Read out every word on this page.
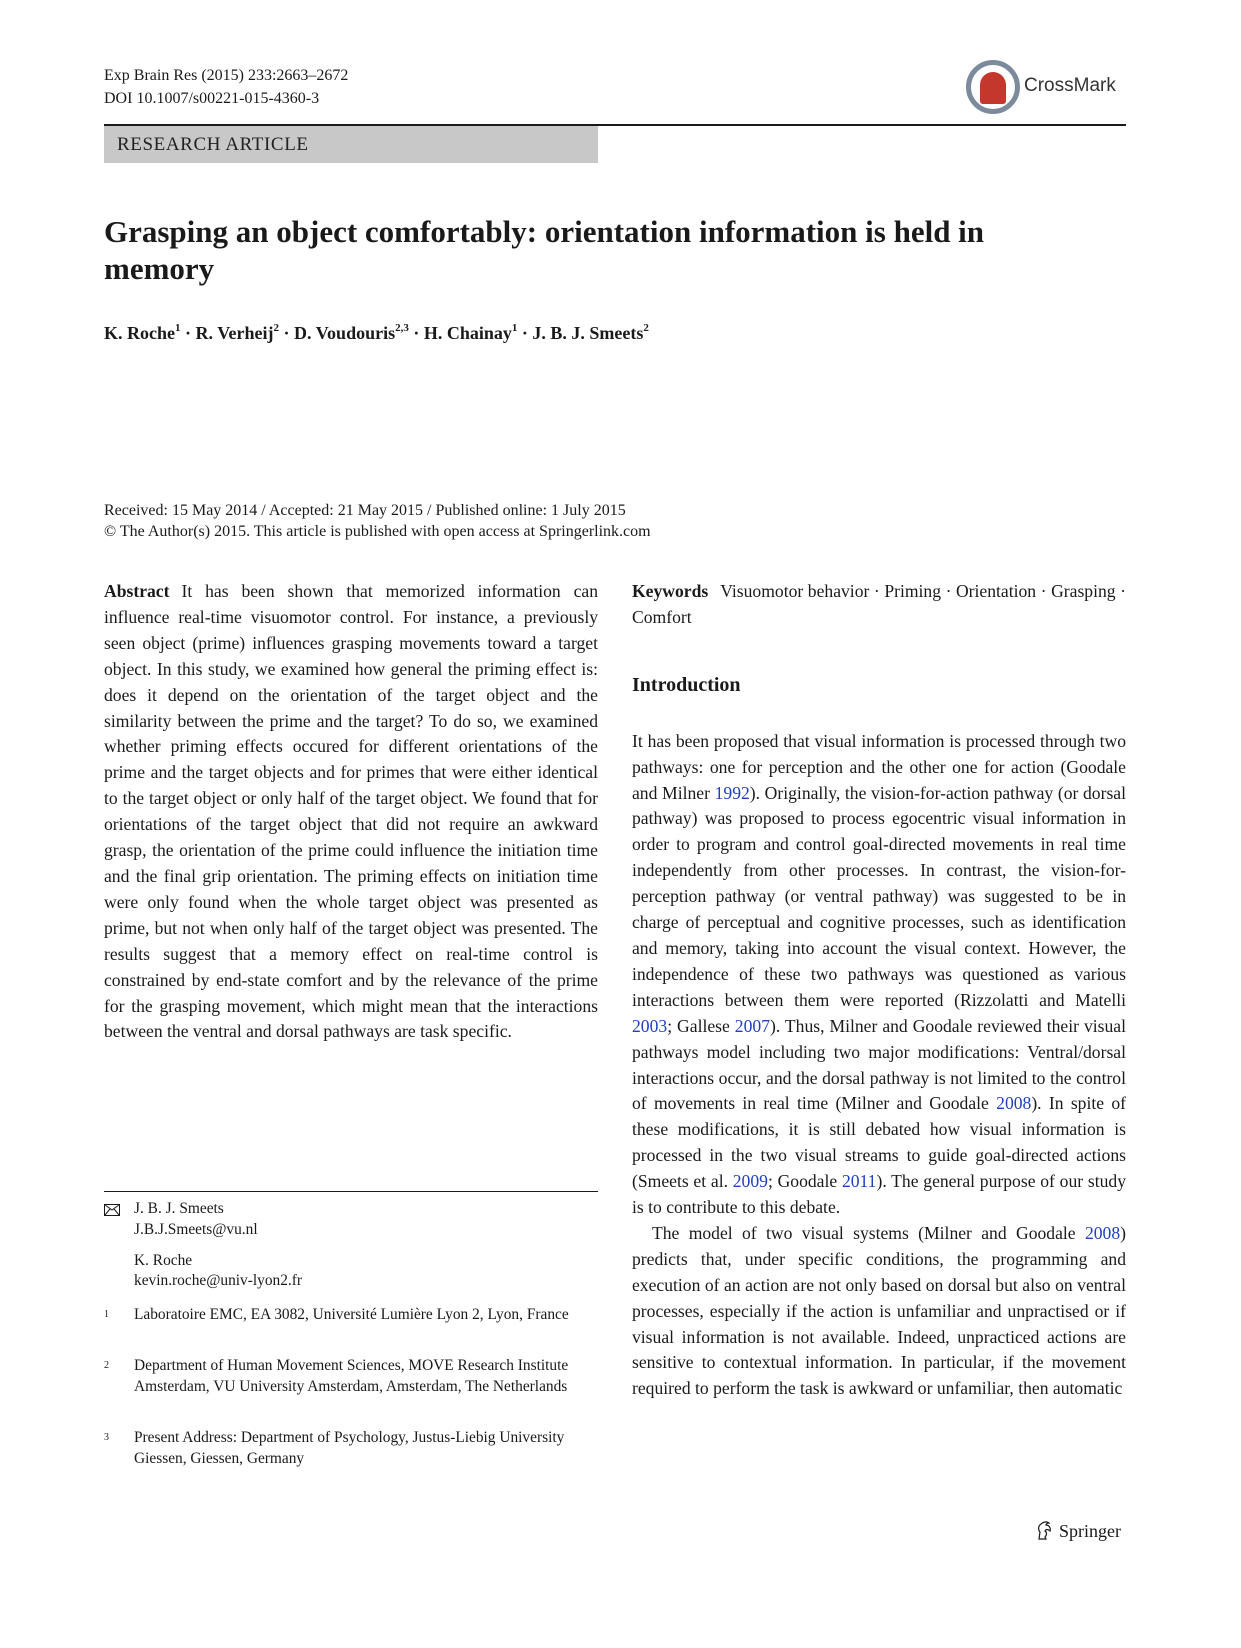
Exp Brain Res (2015) 233:2663–2672
DOI 10.1007/s00221-015-4360-3
CrossMark
RESEARCH ARTICLE
Grasping an object comfortably: orientation information is held in memory
K. Roche$^1$ · R. Verheij$^2$ · D. Voudouris$^{2,3}$ · H. Chainay$^1$ · J. B. J. Smeets$^2$
Received: 15 May 2014 / Accepted: 21 May 2015 / Published online: 1 July 2015
© The Author(s) 2015. This article is published with open access at Springerlink.com

Abstract It has been shown that memorized information can influence real-time visuomotor control. For instance, a previously seen object (prime) influences grasping movements toward a target object. In this study, we examined how general the priming effect is: does it depend on the orientation of the target object and the similarity between the prime and the target? To do so, we examined whether priming effects occured for different orientations of the prime and the target objects and for primes that were either identical to the target object or only half of the target object. We found that for orientations of the target object that did not require an awkward grasp, the orientation of the prime could influence the initiation time and the final grip orientation. The priming effects on initiation time were only found when the whole target object was presented as prime, but not when only half of the target object was presented. The results suggest that a memory effect on real-time control is constrained by end-state comfort and by the relevance of the prime for the grasping movement, which might mean that the interactions between the ventral and dorsal pathways are task specific.

Keywords Visuomotor behavior · Priming · Orientation · Grasping · Comfort

Introduction

It has been proposed that visual information is processed through two pathways: one for perception and the other one for action (Goodale and Milner 1992). Originally, the vision-for-action pathway (or dorsal pathway) was proposed to process egocentric visual information in order to program and control goal-directed movements in real time independently from other processes. In contrast, the vision-for-perception pathway (or ventral pathway) was suggested to be in charge of perceptual and cognitive processes, such as identification and memory, taking into account the visual context. However, the independence of these two pathways was questioned as various interactions between them were reported (Rizzolatti and Matelli 2003; Gallese 2007). Thus, Milner and Goodale reviewed their visual pathways model including two major modifications: Ventral/dorsal interactions occur, and the dorsal pathway is not limited to the control of movements in real time (Milner and Goodale 2008). In spite of these modifications, it is still debated how visual information is processed in the two visual streams to guide goal-directed actions (Smeets et al. 2009; Goodale 2011). The general purpose of our study is to contribute to this debate.

The model of two visual systems (Milner and Goodale 2008) predicts that, under specific conditions, the programming and execution of an action are not only based on dorsal but also on ventral processes, especially if the action is unfamiliar and unpractised or if visual information is not available. Indeed, unpracticed actions are sensitive to contextual information. In particular, if the movement required to perform the task is awkward or unfamiliar, then automatic

J. B. J. Smeets
J.B.J.Smeets@vu.nl
K. Roche
kevin.roche@univ-lyon2.fr
1 Laboratoire EMC, EA 3082, Université Lumière Lyon 2, Lyon, France
2 Department of Human Movement Sciences, MOVE Research Institute Amsterdam, VU University Amsterdam, Amsterdam, The Netherlands
3 Present Address: Department of Psychology, Justus-Liebig University Giessen, Giessen, Germany
Springer
